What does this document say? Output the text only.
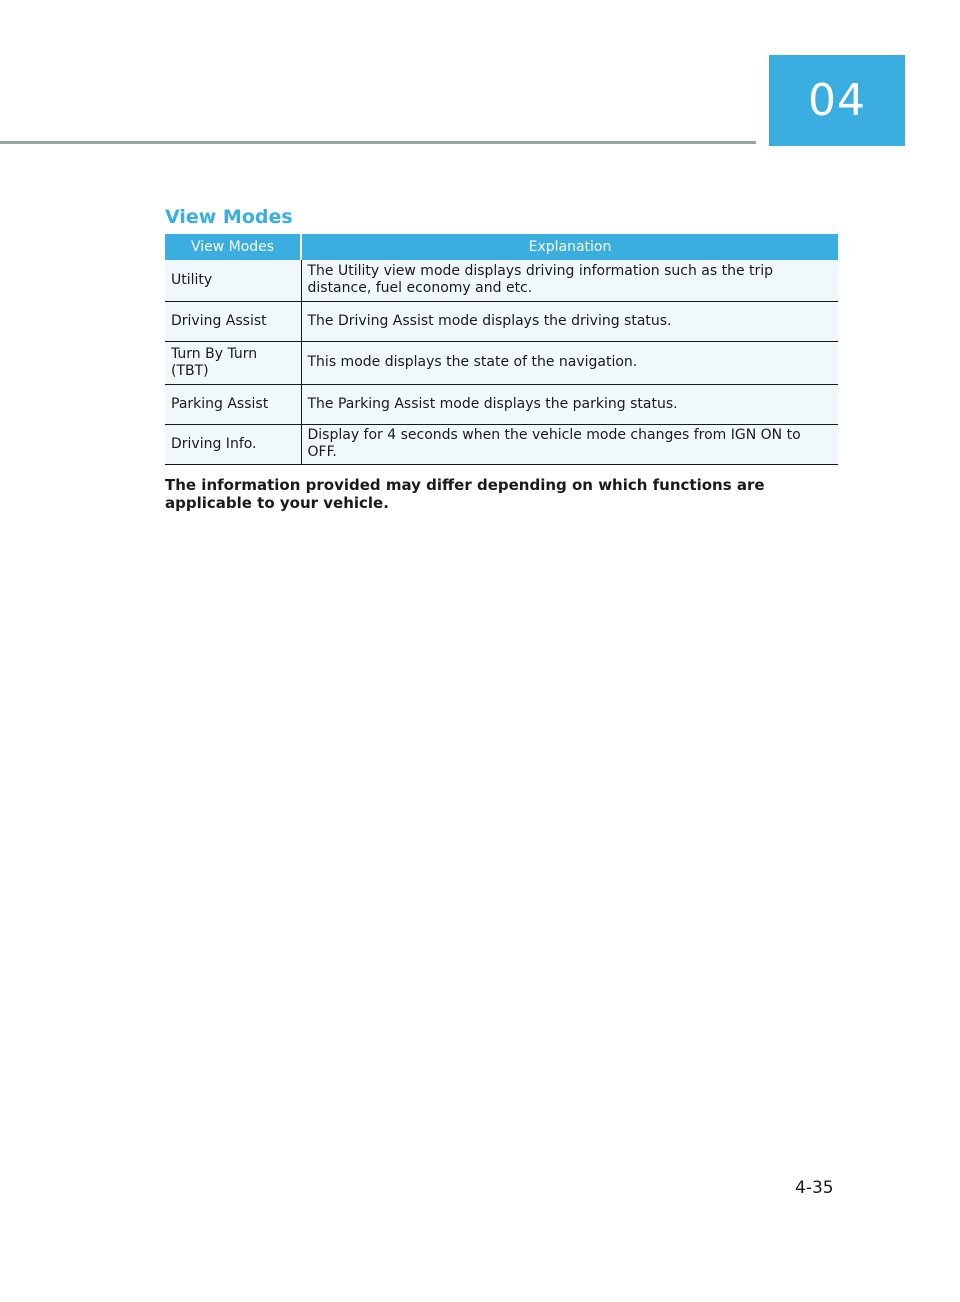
04
View Modes
View Modes	Explanation
Utility	The Utility view mode displays driving information such as the trip distance, fuel economy and etc.
Driving Assist	The Driving Assist mode displays the driving status.
Turn By Turn (TBT)	This mode displays the state of the navigation.
Parking Assist	The Parking Assist mode displays the parking status.
Driving Info.	Display for 4 seconds when the vehicle mode changes from IGN ON to OFF.
The information provided may differ depending on which functions are applicable to your vehicle.
4-35
